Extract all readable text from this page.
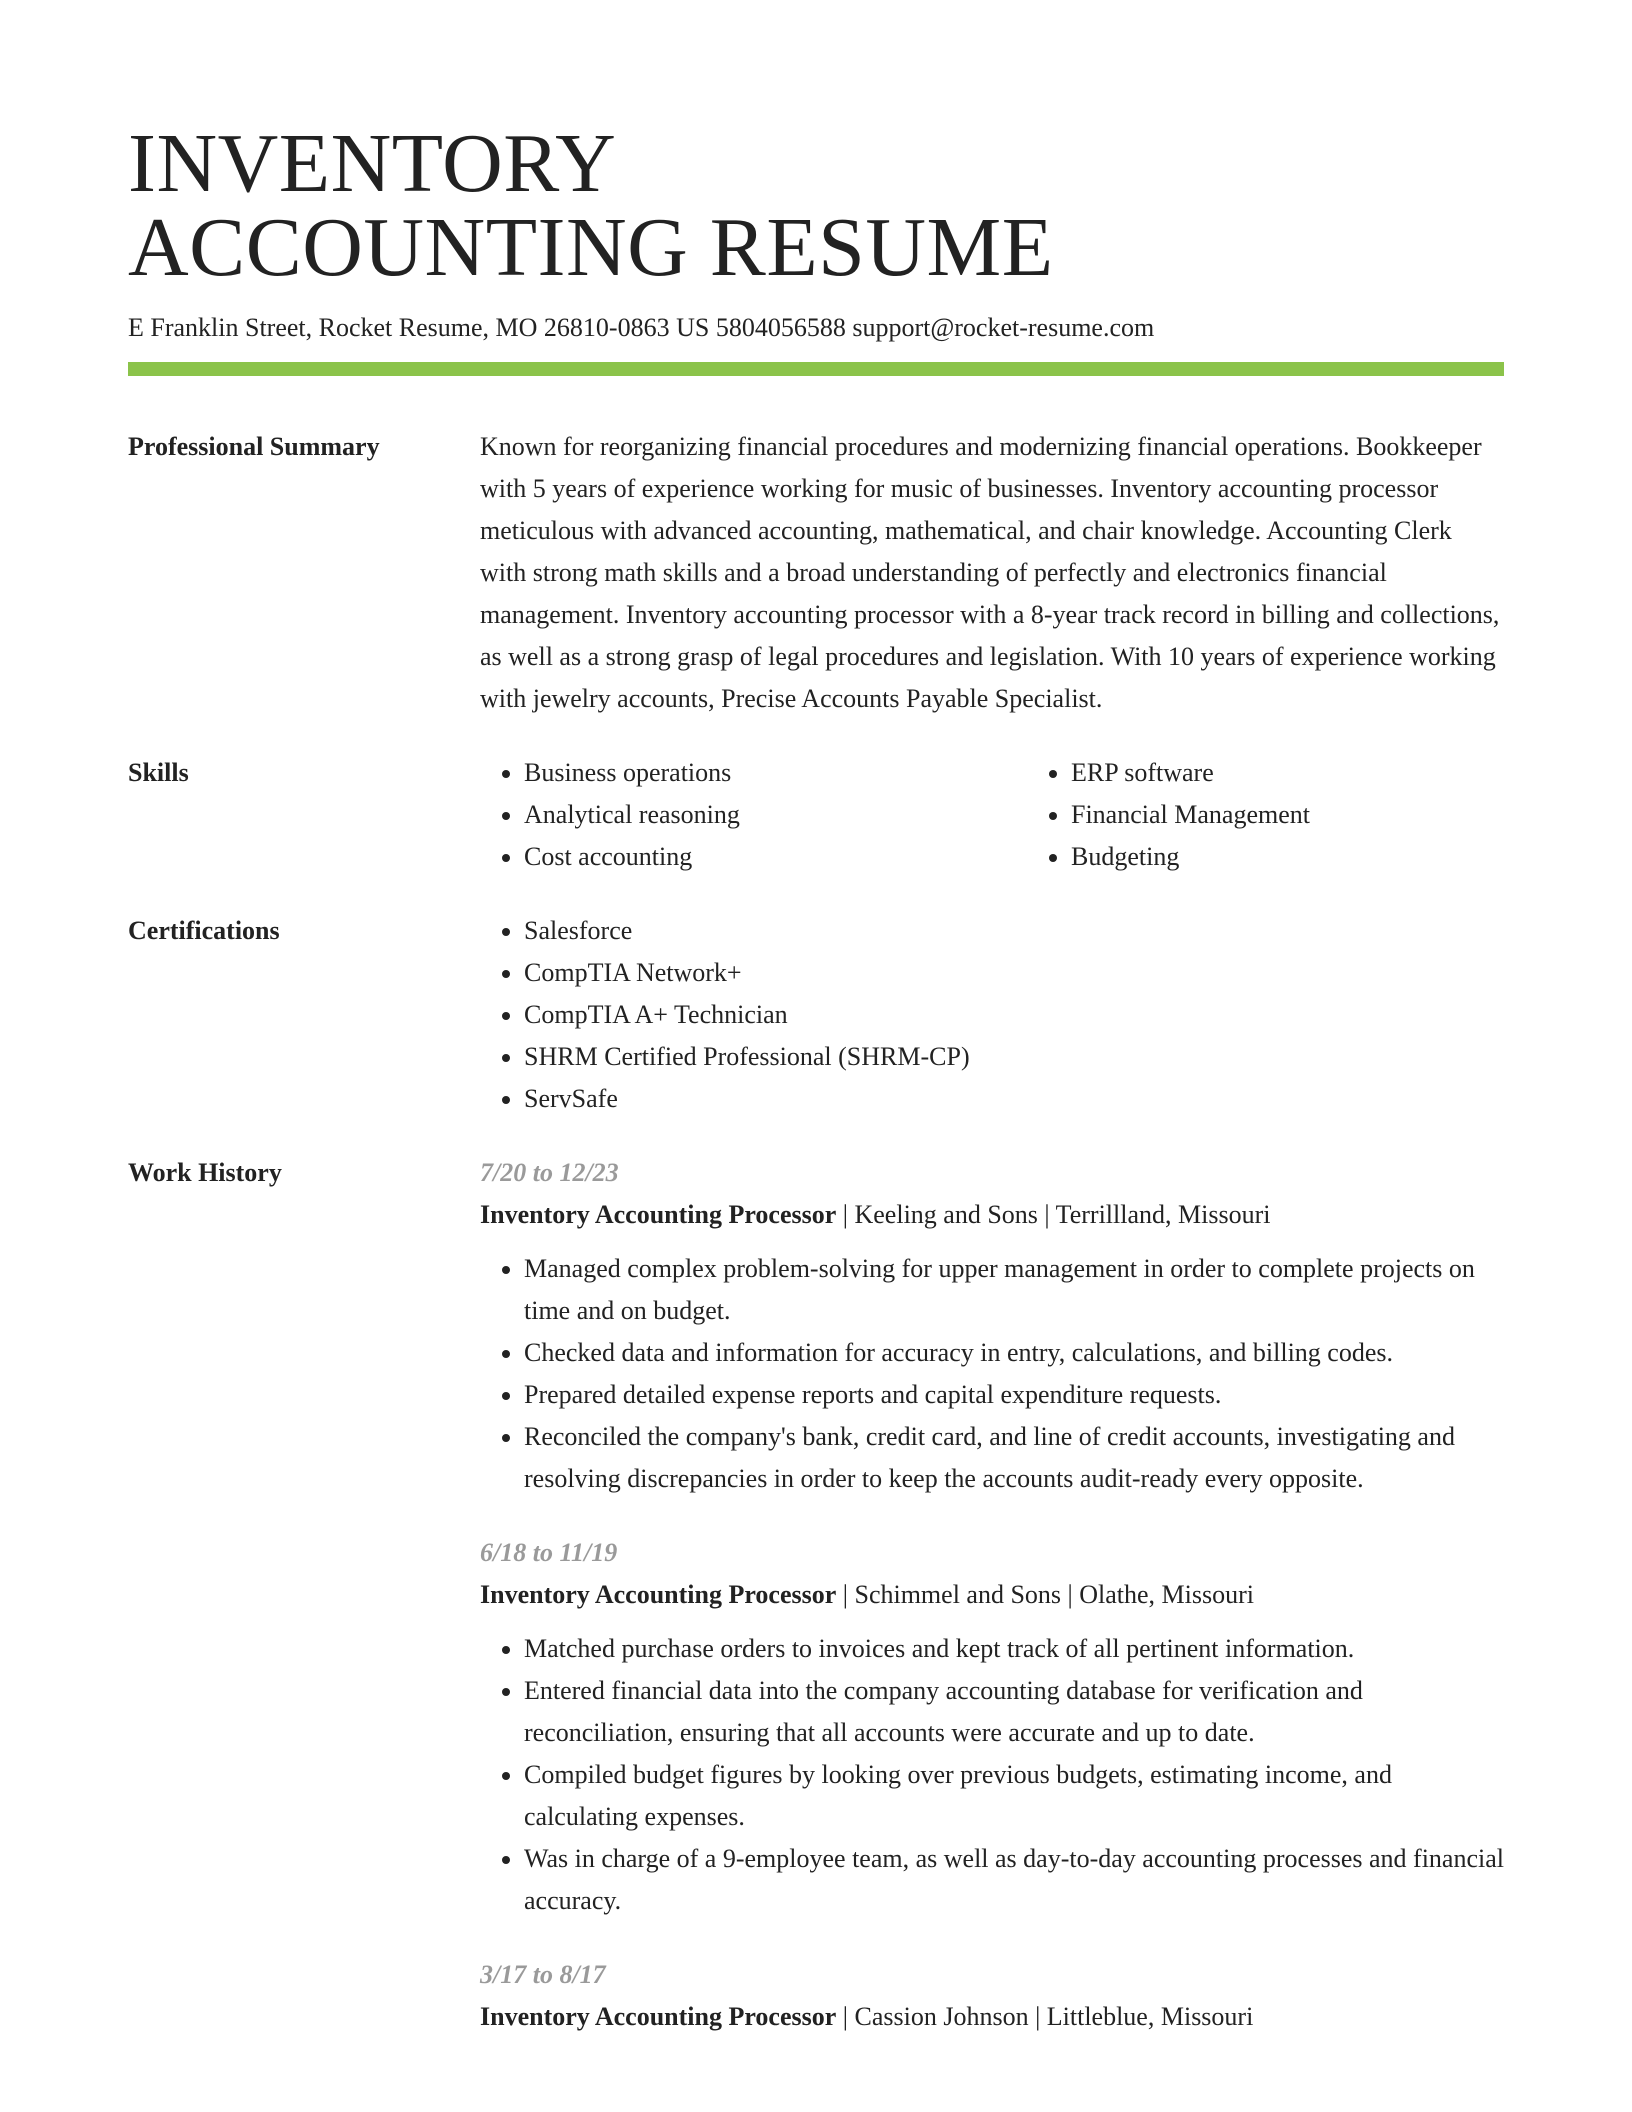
INVENTORY
ACCOUNTING RESUME
E Franklin Street, Rocket Resume, MO 26810-0863 US 5804056588 support@rocket-resume.com
Professional Summary	Known for reorganizing financial procedures and modernizing financial operations. Bookkeeper with 5 years of experience working for music of businesses. Inventory accounting processor meticulous with advanced accounting, mathematical, and chair knowledge. Accounting Clerk with strong math skills and a broad understanding of perfectly and electronics financial management. Inventory accounting processor with a 8-year track record in billing and collections, as well as a strong grasp of legal procedures and legislation. With 10 years of experience working with jewelry accounts, Precise Accounts Payable Specialist.
Skills	• Business operations
• Analytical reasoning
• Cost accounting
• ERP software
• Financial Management
• Budgeting
Certifications	• Salesforce
• CompTIA Network+
• CompTIA A+ Technician
• SHRM Certified Professional (SHRM-CP)
• ServSafe
Work History	7/20 to 12/23
Inventory Accounting Processor | Keeling and Sons | Terrillland, Missouri
• Managed complex problem-solving for upper management in order to complete projects on time and on budget.
• Checked data and information for accuracy in entry, calculations, and billing codes.
• Prepared detailed expense reports and capital expenditure requests.
• Reconciled the company's bank, credit card, and line of credit accounts, investigating and resolving discrepancies in order to keep the accounts audit-ready every opposite.
6/18 to 11/19
Inventory Accounting Processor | Schimmel and Sons | Olathe, Missouri
• Matched purchase orders to invoices and kept track of all pertinent information.
• Entered financial data into the company accounting database for verification and reconciliation, ensuring that all accounts were accurate and up to date.
• Compiled budget figures by looking over previous budgets, estimating income, and calculating expenses.
• Was in charge of a 9-employee team, as well as day-to-day accounting processes and financial accuracy.
3/17 to 8/17
Inventory Accounting Processor | Cassion Johnson | Littleblue, Missouri
